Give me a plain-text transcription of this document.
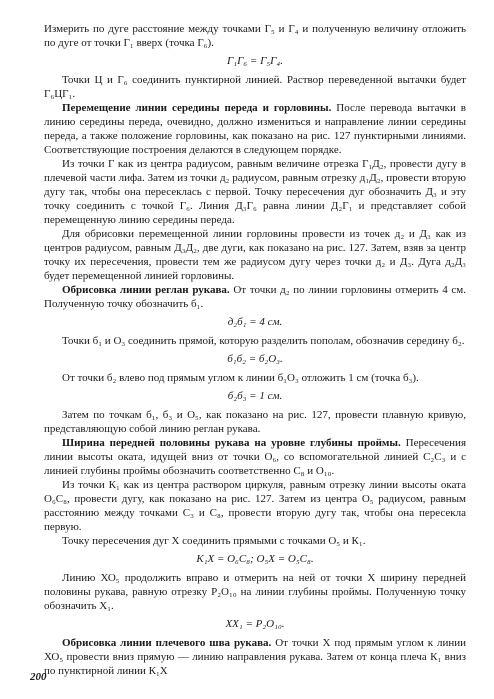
Измерить по дуге расстояние между точками Г₅ и Г₄ и полученную величину отложить по дуге от точки Г₁ вверх (точка Г₆).

Г₁Г₆ = Г₅Г₄.

Точки Ц и Г₆ соединить пунктирной линией. Раствор переведенной вытачки будет Г₆ЦГ₁.

Перемещение линии середины переда и горловины. После перевода вытачки в линию середины переда, очевидно, должно измениться и направление линии середины переда, а также положение горловины, как показано на рис. 127 пунктирными линиями. Соответствующие построения делаются в следующем порядке.

Из точки Г как из центра радиусом, равным величине отрезка Г₁Д₂, провести дугу в плечевой части лифа. Затем из точки д₂ радиусом, равным отрезку д₁Д₂, провести вторую дугу так, чтобы она пересеклась с первой. Точку пересечения дуг обозначить Д₃ и эту точку соединить с точкой Г₆. Линия Д₃Г₆ равна линии Д₂Г₁ и представляет собой перемещенную линию середины переда.

Для обрисовки перемещенной линии горловины провести из точек д₂ и Д₃ как из центров радиусом, равным Д₃Д₂, две дуги, как показано на рис. 127. Затем, взяв за центр точку их пересечения, провести тем же радиусом дугу через точки д₂ и Д₃. Дуга д₂Д₃ будет перемещенной линией горловины.

Обрисовка линии реглан рукава. От точки д₂ по линии горловины отмерить 4 см. Полученную точку обозначить б₁.

д₂б₁ = 4 см.

Точки б₁ и О₃ соединить прямой, которую разделить пополам, обозначив середину б₂.

б₁б₂ = б₂О₃.

От точки б₂ влево под прямым углом к линии б₁О₃ отложить 1 см (точка б₃).

б₂б₃ = 1 см.

Затем по точкам б₁, б₃ и О₅, как показано на рис. 127, провести плавную кривую, представляющую собой линию реглан рукава.

Ширина передней половины рукава на уровне глубины проймы. Пересечения линии высоты оката, идущей вниз от точки О₆, со вспомогательной линией С₂С₃ и с линией глубины проймы обозначить соответственно С₈ и О₁₀.

Из точки К₁ как из центра раствором циркуля, равным отрезку линии высоты оката О₆С₈, провести дугу, как показано на рис. 127. Затем из центра О₅ радиусом, равным расстоянию между точками С₃ и С₈, провести вторую дугу так, чтобы она пересекла первую.

Точку пересечения дуг Х соединить прямыми с точками О₅ и К₁.

К₁Х = О₆С₈; О₅Х = О₅С₈.

Линию ХО₅ продолжить вправо и отмерить на ней от точки Х ширину передней половины рукава, равную отрезку Р₂О₁₀ на линии глубины проймы. Полученную точку обозначить Х₁.

ХХ₁ = Р₂О₁₀.

Обрисовка линии плечевого шва рукава. От точки Х под прямым углом к линии ХО₅ провести вниз прямую — линию направления рукава. Затем от конца плеча К₁ вниз по пунктирной линии К₁Х

200
